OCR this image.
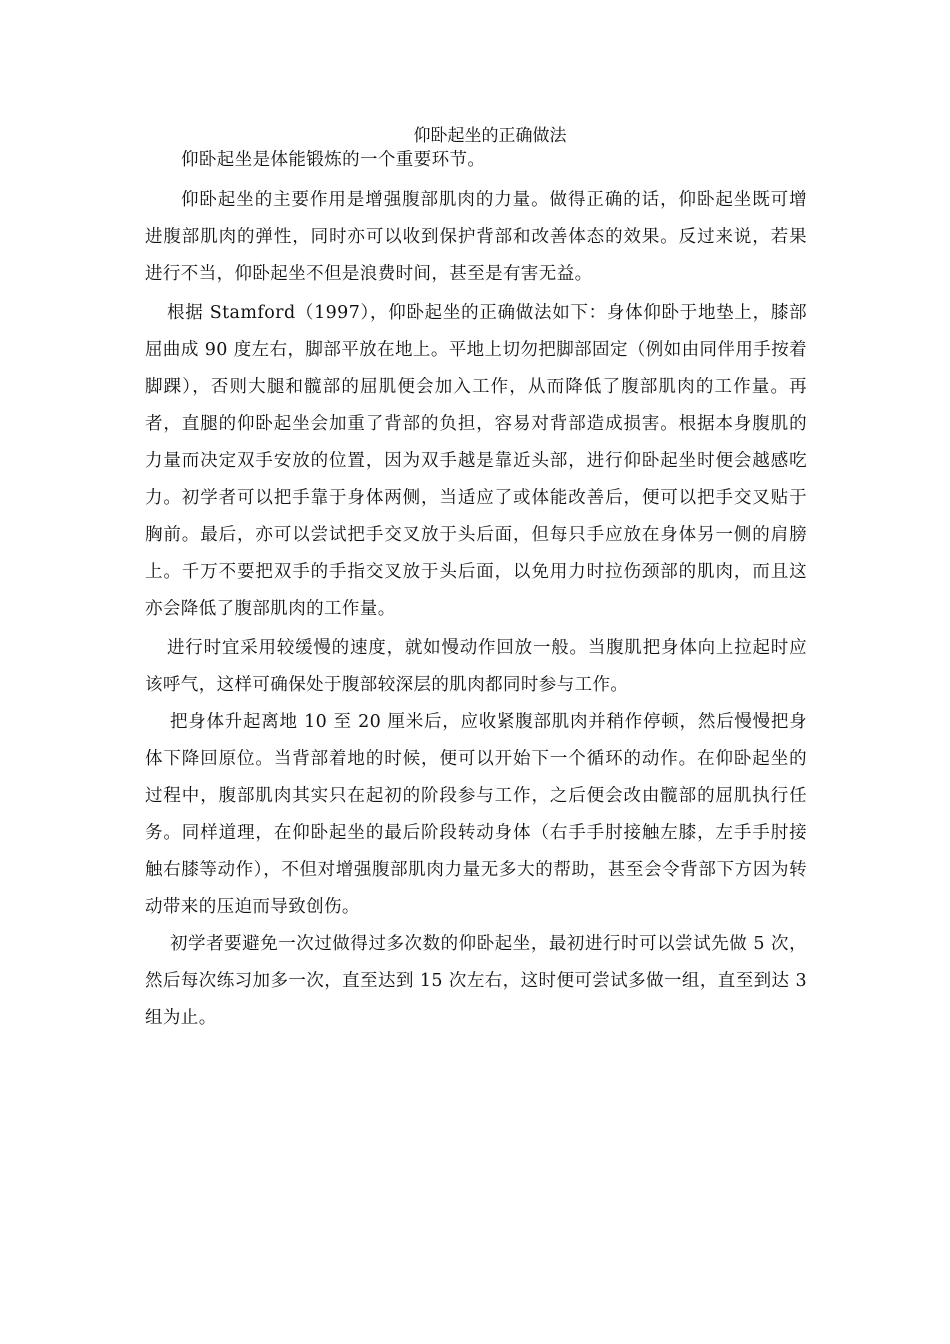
仰卧起坐的正确做法

仰卧起坐是体能锻炼的一个重要环节。

仰卧起坐的主要作用是增强腹部肌肉的力量。做得正确的话，仰卧起坐既可增进腹部肌肉的弹性，同时亦可以收到保护背部和改善体态的效果。反过来说，若果进行不当，仰卧起坐不但是浪费时间，甚至是有害无益。

根据 Stamford（1997），仰卧起坐的正确做法如下：身体仰卧于地垫上，膝部屈曲成 90 度左右，脚部平放在地上。平地上切勿把脚部固定（例如由同伴用手按着脚踝），否则大腿和髋部的屈肌便会加入工作，从而降低了腹部肌肉的工作量。再者，直腿的仰卧起坐会加重了背部的负担，容易对背部造成损害。根据本身腹肌的力量而决定双手安放的位置，因为双手越是靠近头部，进行仰卧起坐时便会越感吃力。初学者可以把手靠于身体两侧，当适应了或体能改善后，便可以把手交叉贴于胸前。最后，亦可以尝试把手交叉放于头后面，但每只手应放在身体另一侧的肩膀上。千万不要把双手的手指交叉放于头后面，以免用力时拉伤颈部的肌肉，而且这亦会降低了腹部肌肉的工作量。

进行时宜采用较缓慢的速度，就如慢动作回放一般。当腹肌把身体向上拉起时应该呼气，这样可确保处于腹部较深层的肌肉都同时参与工作。

把身体升起离地 10 至 20 厘米后，应收紧腹部肌肉并稍作停顿，然后慢慢把身体下降回原位。当背部着地的时候，便可以开始下一个循环的动作。在仰卧起坐的过程中，腹部肌肉其实只在起初的阶段参与工作，之后便会改由髋部的屈肌执行任务。同样道理，在仰卧起坐的最后阶段转动身体（右手手肘接触左膝，左手手肘接触右膝等动作），不但对增强腹部肌肉力量无多大的帮助，甚至会令背部下方因为转动带来的压迫而导致创伤。

初学者要避免一次过做得过多次数的仰卧起坐，最初进行时可以尝试先做 5 次，然后每次练习加多一次，直至达到 15 次左右，这时便可尝试多做一组，直至到达 3 组为止。
